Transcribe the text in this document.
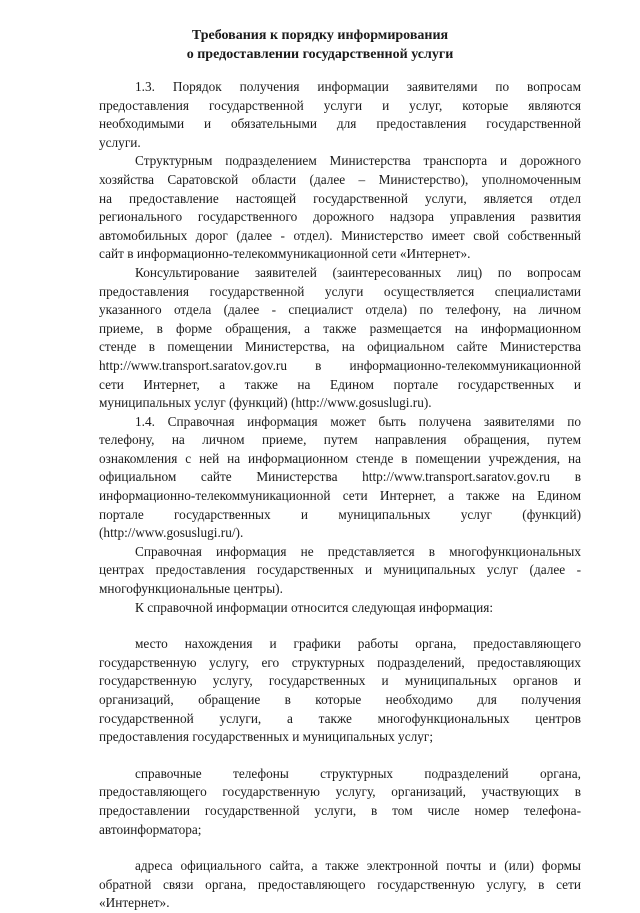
Требования к порядку информирования
о предоставлении государственной услуги
1.3. Порядок получения информации заявителями по вопросам
предоставления государственной услуги и услуг, которые являются
необходимыми и обязательными для предоставления государственной
услуги.
Структурным подразделением Министерства транспорта и дорожного
хозяйства Саратовской области (далее – Министерство), уполномоченным
на предоставление настоящей государственной услуги, является отдел
регионального государственного дорожного надзора управления развития
автомобильных дорог (далее - отдел). Министерство имеет свой собственный
сайт в информационно-телекоммуникационной сети «Интернет».
Консультирование заявителей (заинтересованных лиц) по вопросам
предоставления государственной услуги осуществляется специалистами
указанного отдела (далее - специалист отдела) по телефону, на личном
приеме, в форме обращения, а также размещается на информационном
стенде в помещении Министерства, на официальном сайте Министерства
http://www.transport.saratov.gov.ru в информационно-телекоммуникационной
сети Интернет, а также на Едином портале государственных и
муниципальных услуг (функций) (http://www.gosuslugi.ru).
1.4. Справочная информация может быть получена заявителями по
телефону, на личном приеме, путем направления обращения, путем
ознакомления с ней на информационном стенде в помещении учреждения, на
официальном сайте Министерства http://www.transport.saratov.gov.ru в
информационно-телекоммуникационной сети Интернет, а также на Едином
портале государственных и муниципальных услуг (функций)
(http://www.gosuslugi.ru/).
Справочная информация не представляется в многофункциональных
центрах предоставления государственных и муниципальных услуг (далее -
многофункциональные центры).
К справочной информации относится следующая информация:
место нахождения и графики работы органа, предоставляющего
государственную услугу, его структурных подразделений, предоставляющих
государственную услугу, государственных и муниципальных органов и
организаций, обращение в которые необходимо для получения
государственной услуги, а также многофункциональных центров
предоставления государственных и муниципальных услуг;
справочные телефоны структурных подразделений органа,
предоставляющего государственную услугу, организаций, участвующих в
предоставлении государственной услуги, в том числе номер телефона-
автоинформатора;
адреса официального сайта, а также электронной почты и (или) формы
обратной связи органа, предоставляющего государственную услугу, в сети
«Интернет».
